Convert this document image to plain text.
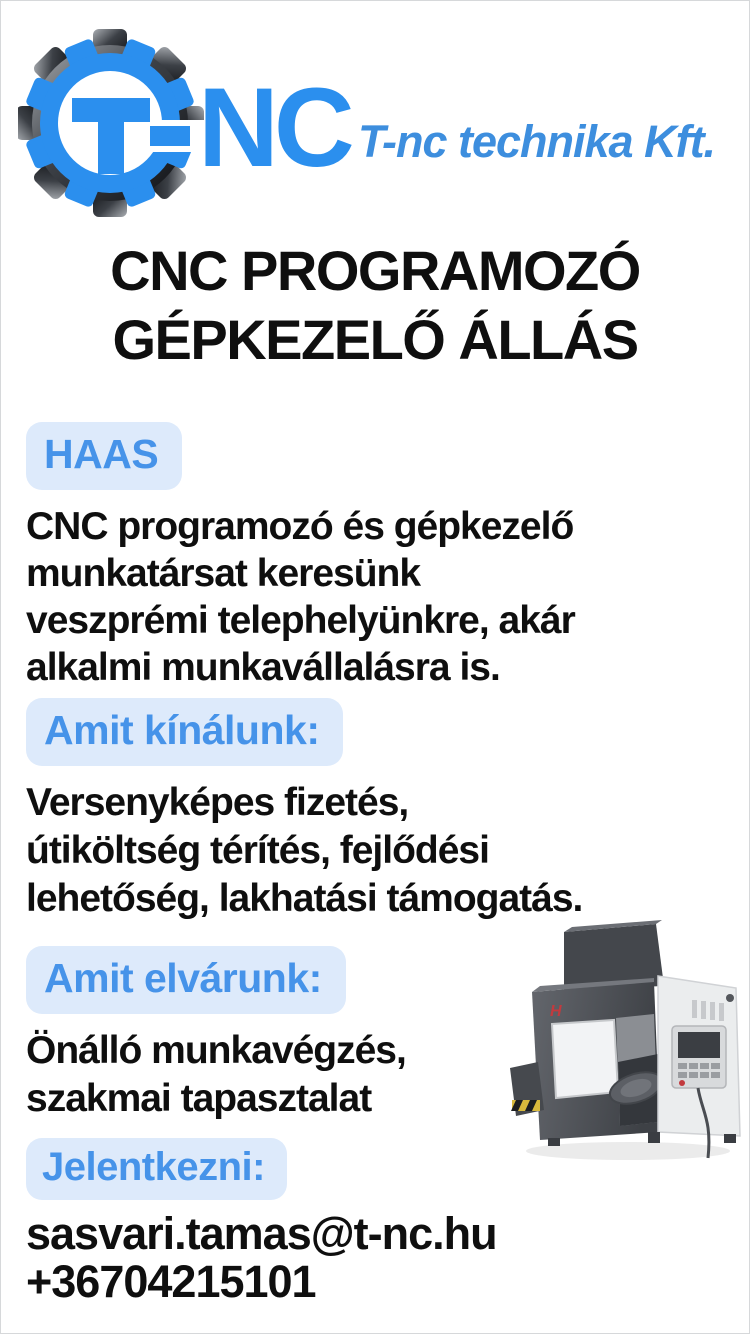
NC T-nc technika Kft.
CNC PROGRAMOZÓ
GÉPKEZELŐ ÁLLÁS
HAAS
CNC programozó és gépkezelő
munkatársat keresünk
veszprémi telephelyünkre, akár
alkalmi munkavállalásra is.
Amit kínálunk:
Versenyképes fizetés,
útiköltség térítés, fejlődési
lehetőség, lakhatási támogatás.
Amit elvárunk:
Önálló munkavégzés,
szakmai tapasztalat
H
Jelentkezni:
sasvari.tamas@t-nc.hu
+36704215101
